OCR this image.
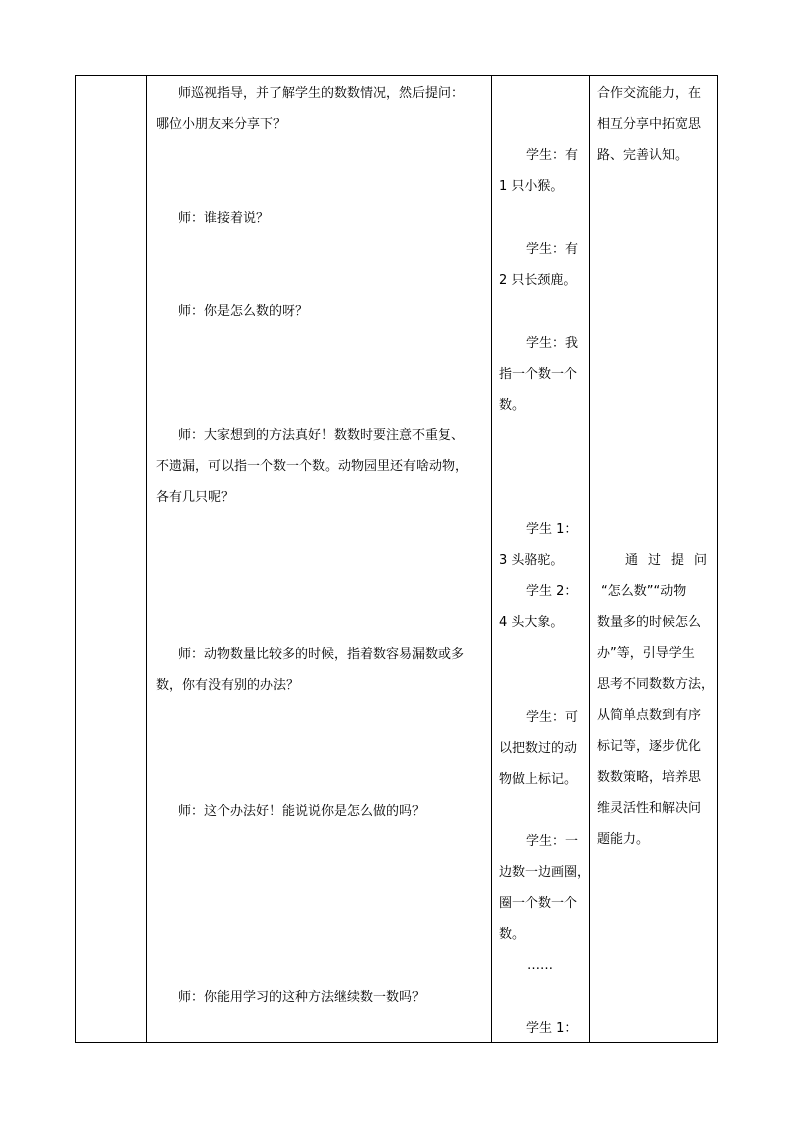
师巡视指导，并了解学生的数数情况，然后提问：
哪位小朋友来分享下？
师：谁接着说？
师：你是怎么数的呀？
师：大家想到的方法真好！数数时要注意不重复、
不遗漏，可以指一个数一个数。动物园里还有啥动物，
各有几只呢？
师：动物数量比较多的时候，指着数容易漏数或多
数，你有没有别的办法？
师：这个办法好！能说说你是怎么做的吗？
师：你能用学习的这种方法继续数一数吗？
学生：有
1 只小猴。
学生：有
2 只长颈鹿。
学生：我
指一个数一个
数。
学生 1：
3 头骆驼。
学生 2：
4 头大象。
学生：可
以把数过的动
物做上标记。
学生：一
边数一边画圈，
圈一个数一个
数。
……
学生 1：
合作交流能力，在
相互分享中拓宽思
路、完善认知。
通过提问
“怎么数”“动物
数量多的时候怎么
办”等，引导学生
思考不同数数方法，
从简单点数到有序
标记等，逐步优化
数数策略，培养思
维灵活性和解决问
题能力。
